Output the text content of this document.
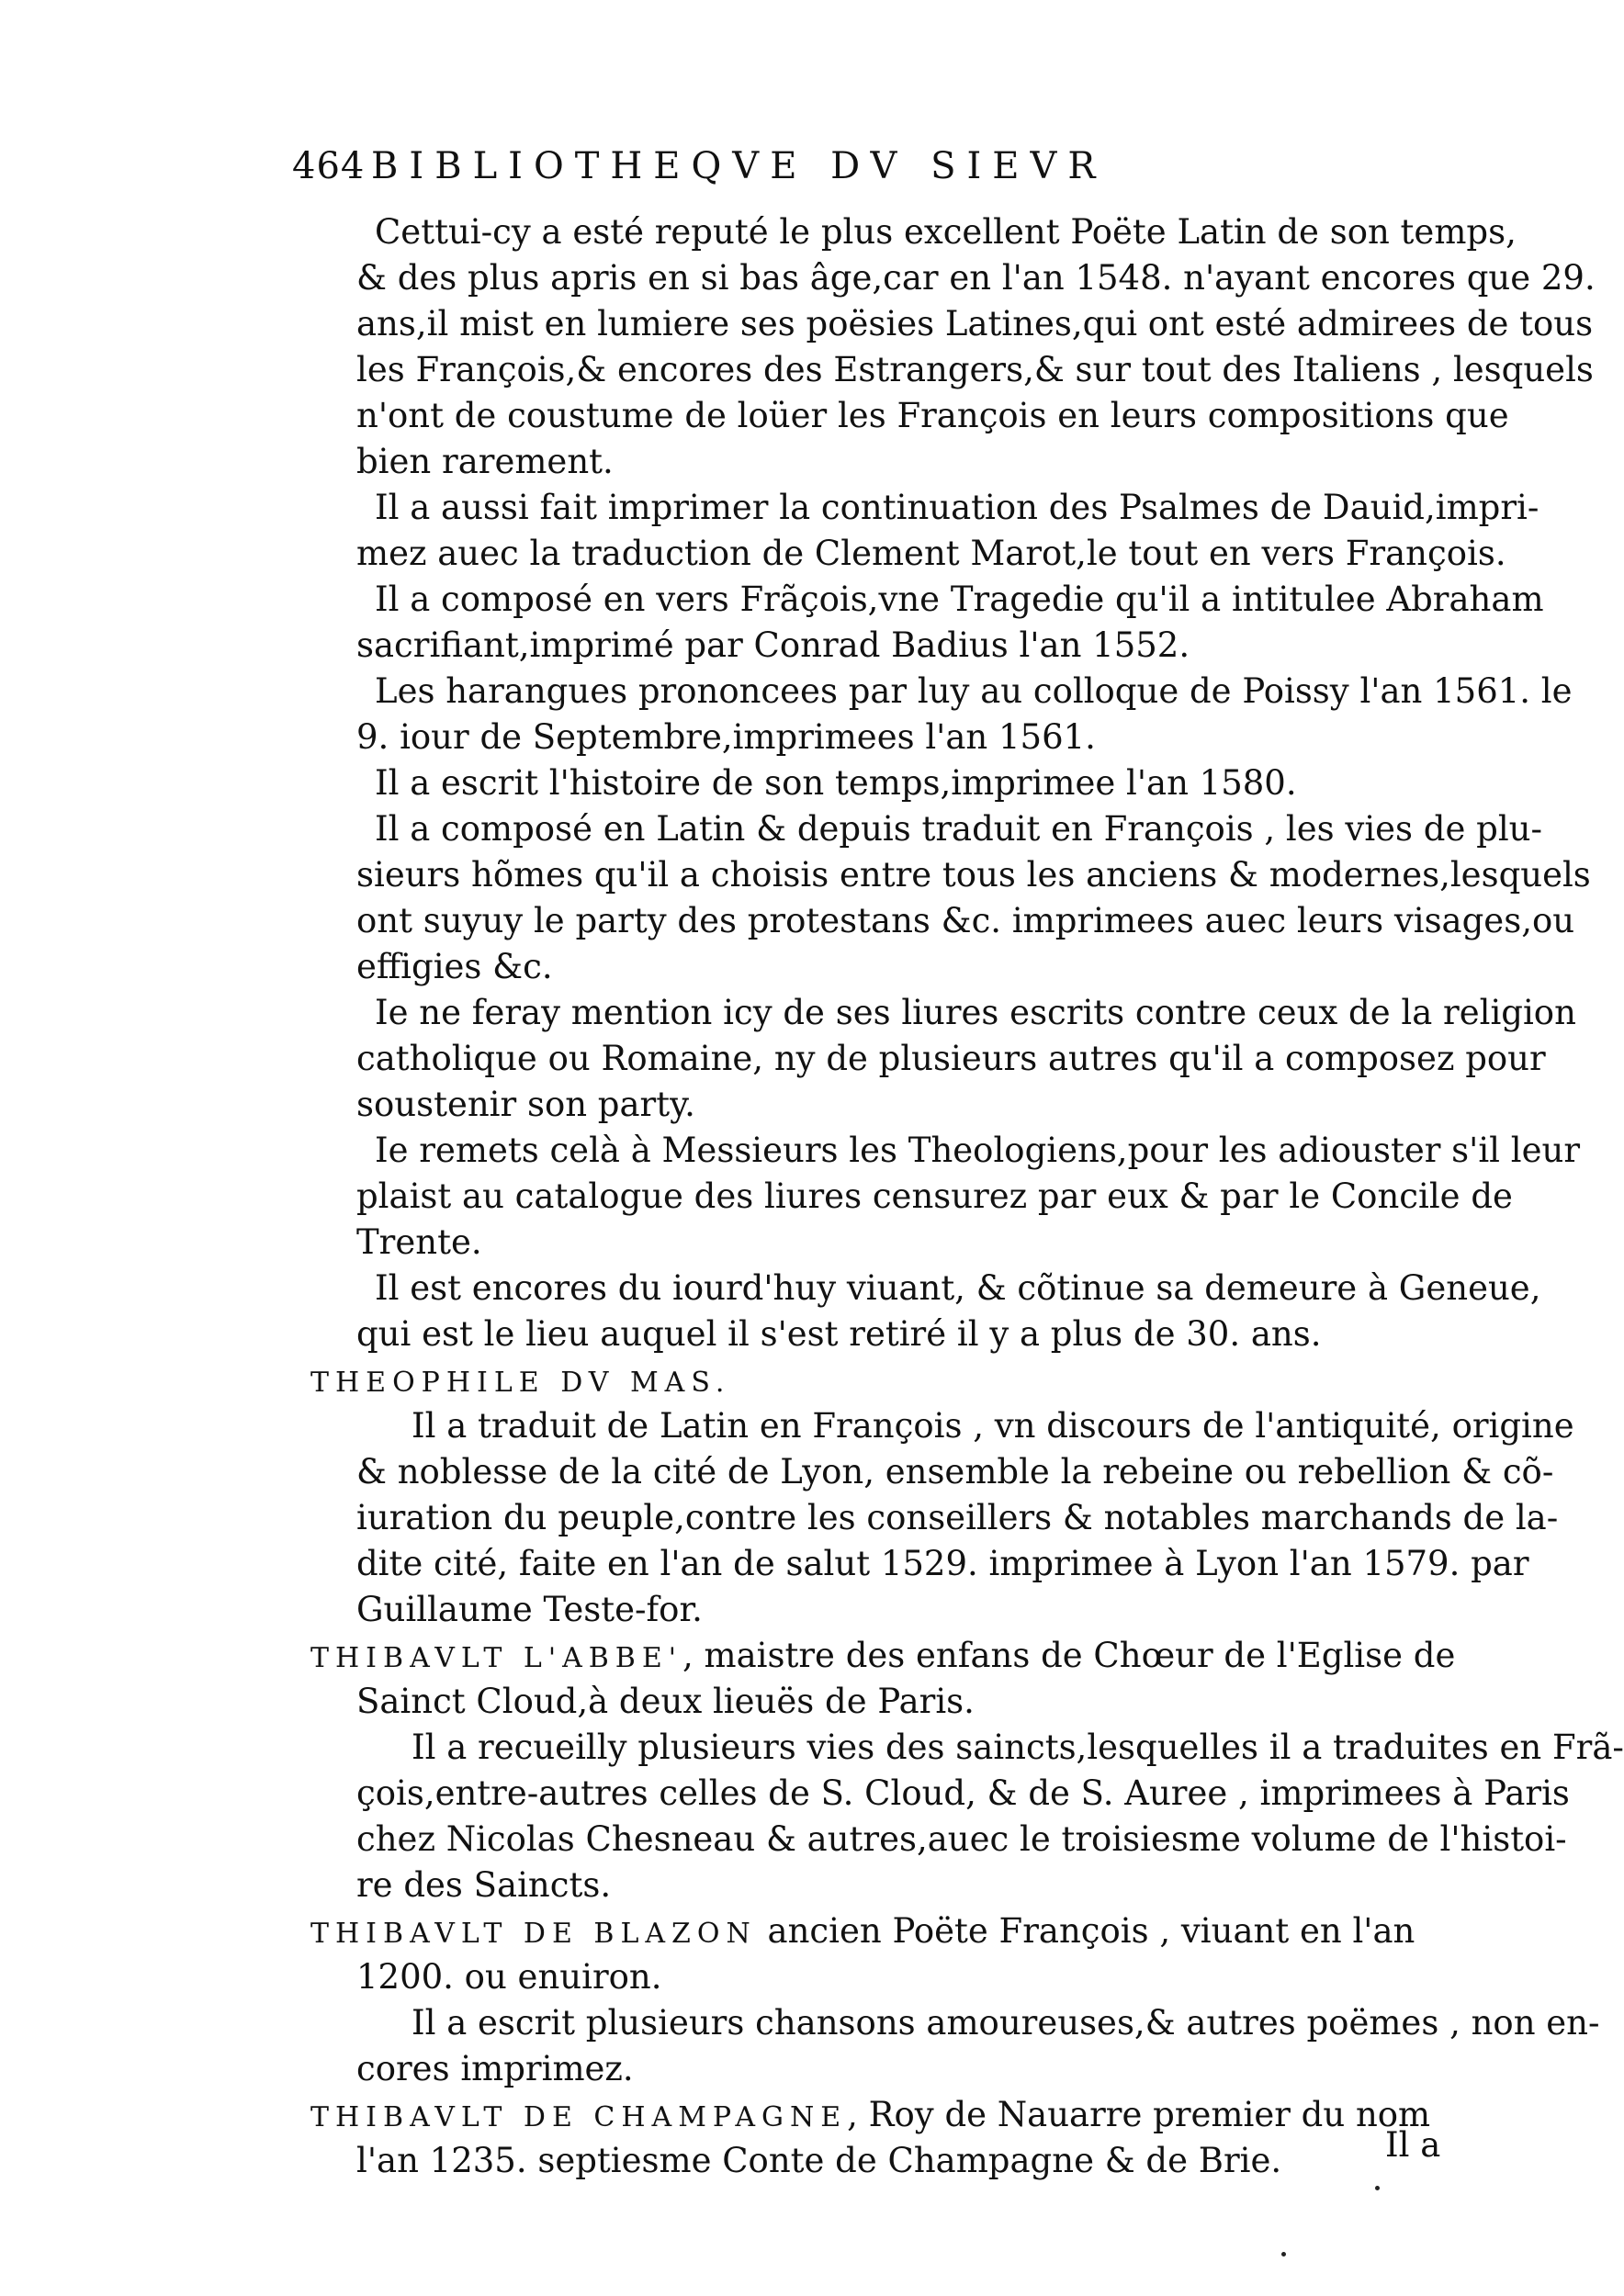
464 BIBLIOTHEQVE DV SIEVR
Cettui-cy a esté reputé le plus excellent Poëte Latin de son temps,
& des plus apris en si bas âge,car en l'an 1548. n'ayant encores que 29.
ans,il mist en lumiere ses poësies Latines,qui ont esté admirees de tous
les François,& encores des Estrangers,& sur tout des Italiens , lesquels
n'ont de coustume de loüer les François en leurs compositions que
bien rarement.
Il a aussi fait imprimer la continuation des Psalmes de Dauid,impri-
mez auec la traduction de Clement Marot,le tout en vers François.
Il a composé en vers Frãçois,vne Tragedie qu'il a intitulee Abraham
sacrifiant,imprimé par Conrad Badius l'an 1552.
Les harangues prononcees par luy au colloque de Poissy l'an 1561. le
9. iour de Septembre,imprimees l'an 1561.
Il a escrit l'histoire de son temps,imprimee l'an 1580.
Il a composé en Latin & depuis traduit en François , les vies de plu-
sieurs hõmes qu'il a choisis entre tous les anciens & modernes,lesquels
ont suyuy le party des protestans &c. imprimees auec leurs visages,ou
effigies &c.
Ie ne feray mention icy de ses liures escrits contre ceux de la religion
catholique ou Romaine, ny de plusieurs autres qu'il a composez pour
soustenir son party.
Ie remets celà à Messieurs les Theologiens,pour les adiouster s'il leur
plaist au catalogue des liures censurez par eux & par le Concile de
Trente.
Il est encores du iourd'huy viuant, & cõtinue sa demeure à Geneue,
qui est le lieu auquel il s'est retiré il y a plus de 30. ans.
THEOPHILE DV MAS.
Il a traduit de Latin en François , vn discours de l'antiquité, origine
& noblesse de la cité de Lyon, ensemble la rebeine ou rebellion & cõ-
iuration du peuple,contre les conseillers & notables marchands de la-
dite cité, faite en l'an de salut 1529. imprimee à Lyon l'an 1579. par
Guillaume Teste-for.
THIBAVLT L'ABBE', maistre des enfans de Chœur de l'Eglise de
Sainct Cloud,à deux lieuës de Paris.
Il a recueilly plusieurs vies des saincts,lesquelles il a traduites en Frã-
çois,entre-autres celles de S. Cloud, & de S. Auree , imprimees à Paris
chez Nicolas Chesneau & autres,auec le troisiesme volume de l'histoi-
re des Saincts.
THIBAVLT DE BLAZON ancien Poëte François , viuant en l'an
1200. ou enuiron.
Il a escrit plusieurs chansons amoureuses,& autres poëmes , non en-
cores imprimez.
THIBAVLT DE CHAMPAGNE, Roy de Nauarre premier du nom
l'an 1235. septiesme Conte de Champagne & de Brie.	Il a
